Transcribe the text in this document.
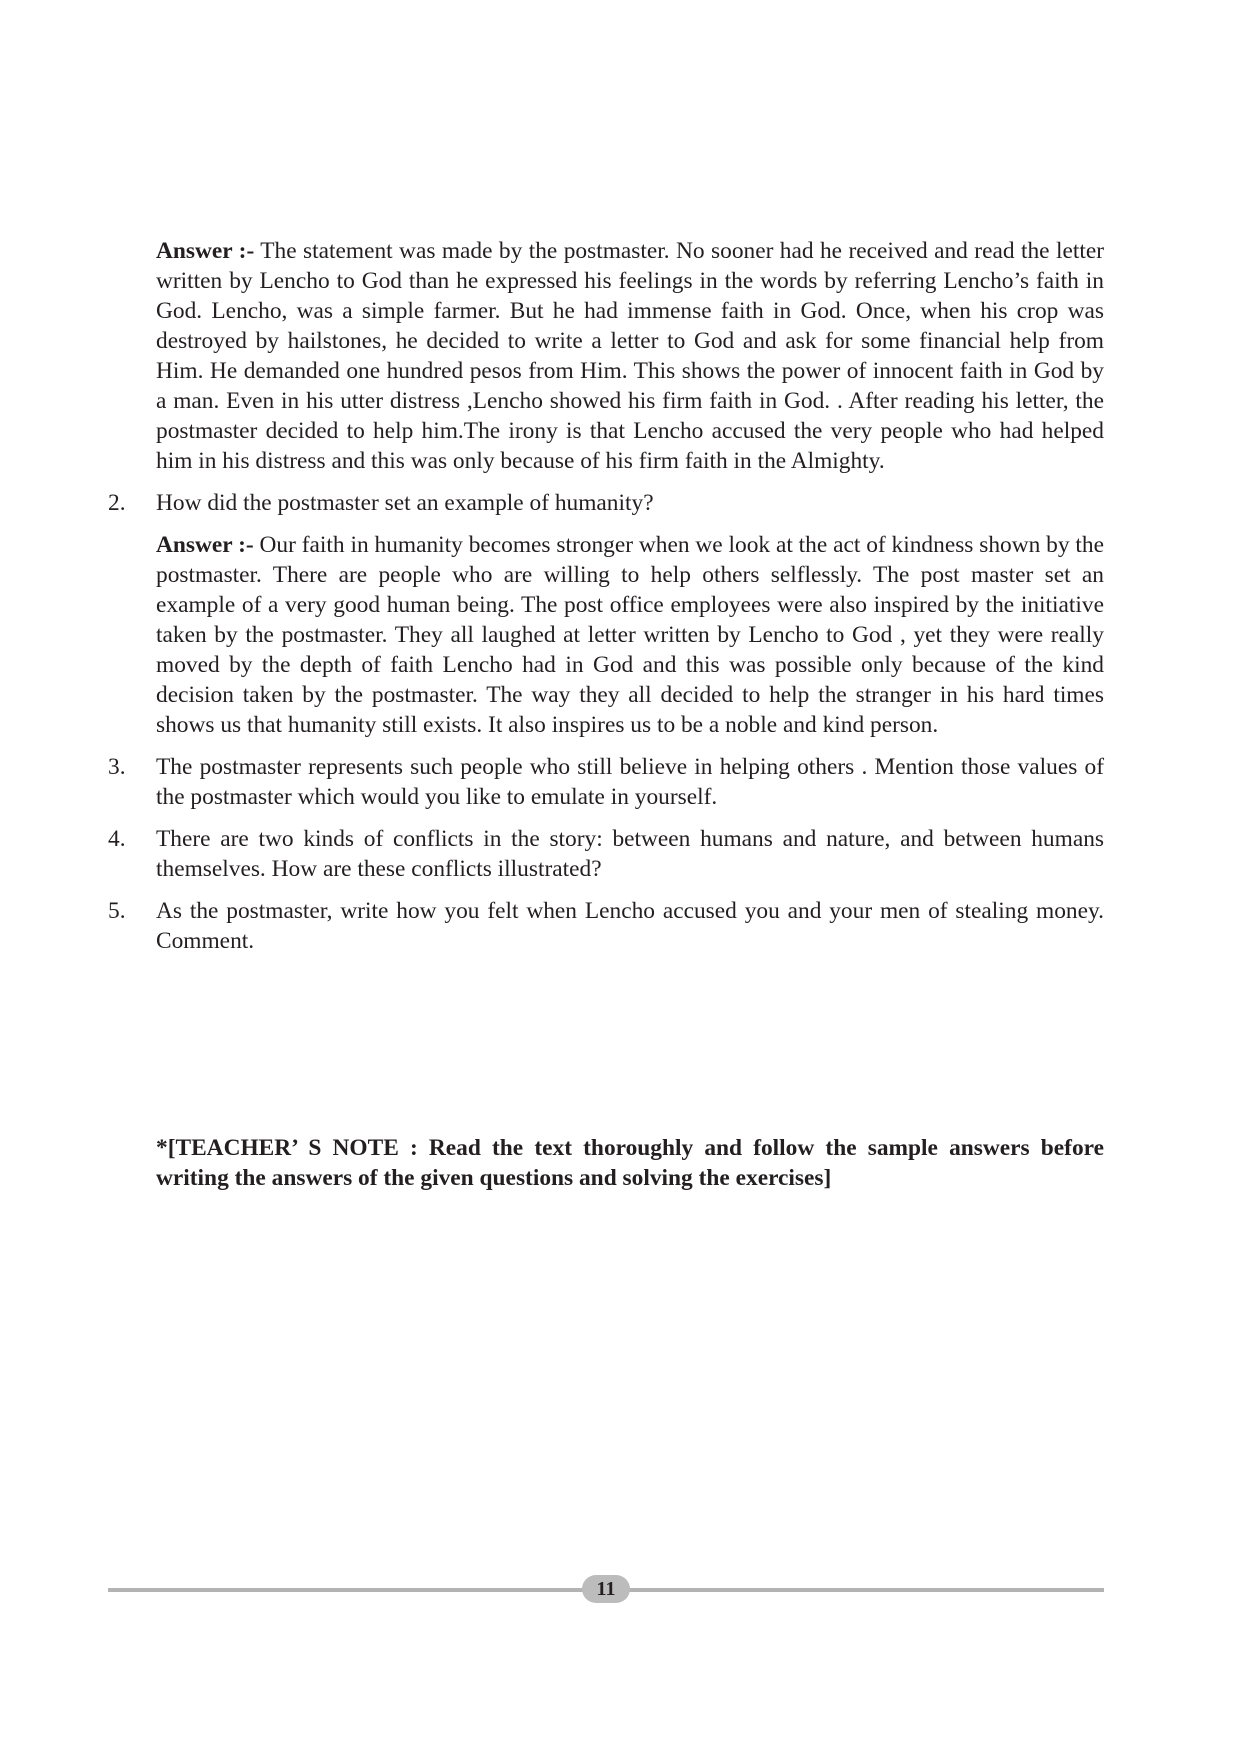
Answer :- The statement was made by the postmaster. No sooner had he received and read the letter written by Lencho to God than he expressed his feelings in the words by referring Lencho’s faith in God. Lencho, was a simple farmer. But he had immense faith in God. Once, when his crop was destroyed by hailstones, he decided to write a letter to God and ask for some financial help from Him. He demanded one hundred pesos from Him. This shows the power of innocent faith in God by a man. Even in his utter distress ,Lencho showed his firm faith in God. . After reading his letter, the postmaster decided to help him.The irony is that Lencho accused the very people who had helped him in his distress and this was only because of his firm faith in the Almighty.

2.	How did the postmaster set an example of humanity?

Answer :- Our faith in humanity becomes stronger when we look at the act of kindness shown by the postmaster. There are people who are willing to help others selflessly. The post master set an example of a very good human being. The post office employees were also inspired by the initiative taken by the postmaster. They all laughed at letter written by Lencho to God , yet they were really moved by the depth of faith Lencho had in God and this was possible only because of the kind decision taken by the postmaster. The way they all decided to help the stranger in his hard times shows us that humanity still exists. It also inspires us to be a noble and kind person.

3.	The postmaster represents such people who still believe in helping others . Mention those values of the postmaster which would you like to emulate in yourself.
4.	There are two kinds of conflicts in the story: between humans and nature, and between humans themselves. How are these conflicts illustrated?
5.	As the postmaster, write how you felt when Lencho accused you and your men of stealing money. Comment.

*[TEACHER’ S NOTE : Read the text thoroughly and follow the sample answers before writing the answers of the given questions and solving the exercises]

11
